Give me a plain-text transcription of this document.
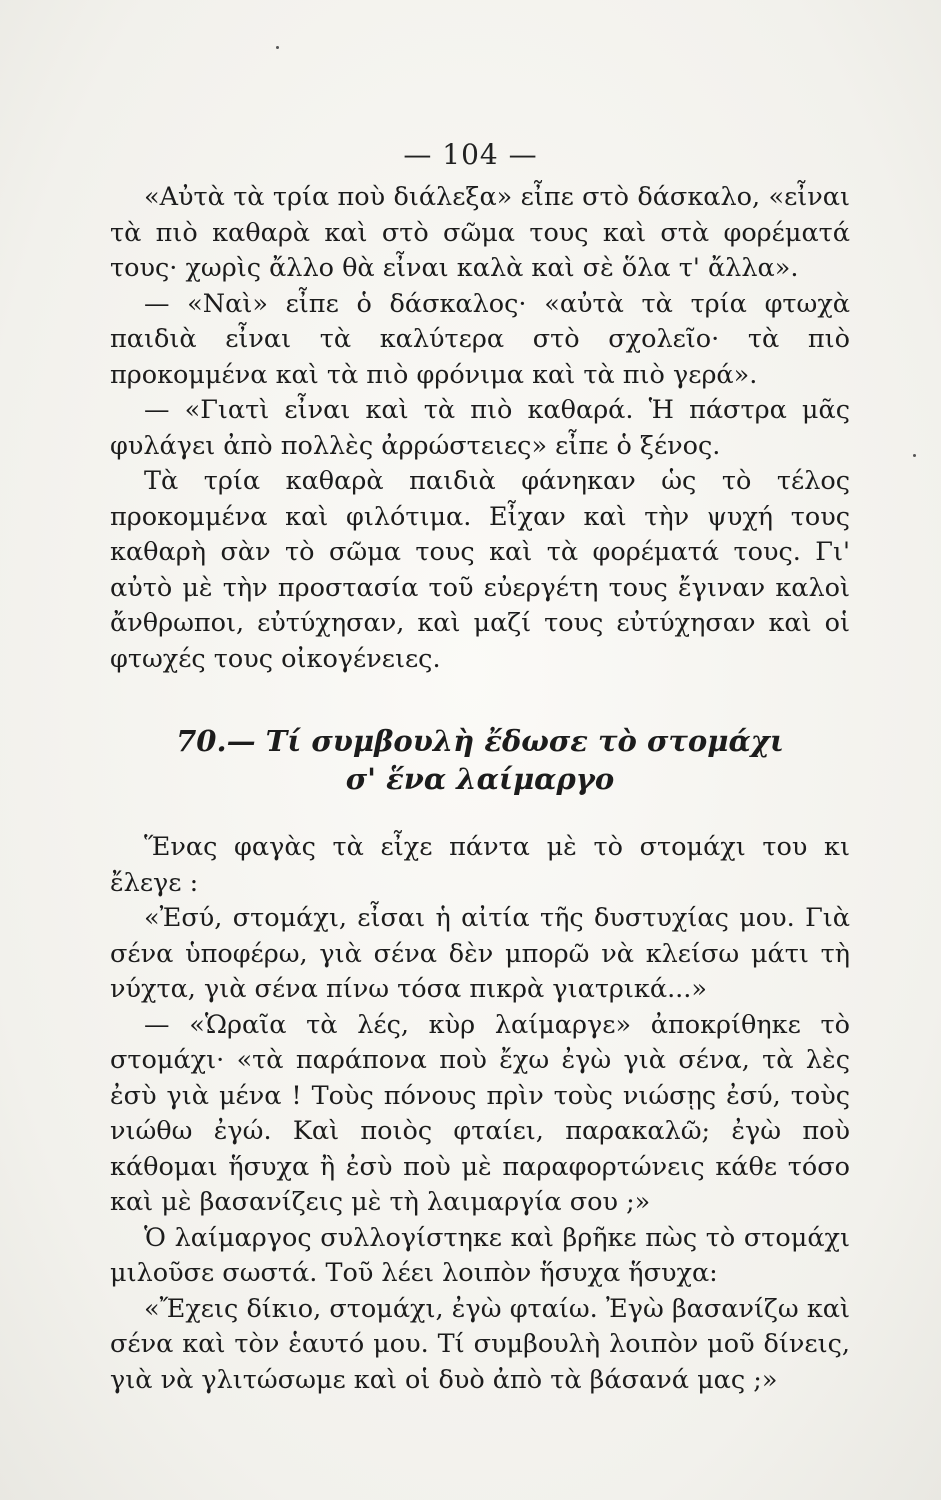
— 104 —

«Αὐτὰ τὰ τρία ποὺ διάλεξα» εἶπε στὸ δάσκαλο, «εἶναι τὰ πιὸ καθαρὰ καὶ στὸ σῶμα τους καὶ στὰ φορέματά τους· χωρὶς ἄλλο θὰ εἶναι καλὰ καὶ σὲ ὅλα τ' ἄλλα».

— «Ναὶ» εἶπε ὁ δάσκαλος· «αὐτὰ τὰ τρία φτωχὰ παιδιὰ εἶναι τὰ καλύτερα στὸ σχολεῖο· τὰ πιὸ προκομμένα καὶ τὰ πιὸ φρόνιμα καὶ τὰ πιὸ γερά».

— «Γιατὶ εἶναι καὶ τὰ πιὸ καθαρά. Ἡ πάστρα μᾶς φυλάγει ἀπὸ πολλὲς ἀρρώστειες» εἶπε ὁ ξένος.

Τὰ τρία καθαρὰ παιδιὰ φάνηκαν ὡς τὸ τέλος προκομμένα καὶ φιλότιμα. Εἶχαν καὶ τὴν ψυχή τους καθαρὴ σὰν τὸ σῶμα τους καὶ τὰ φορέματά τους. Γι' αὐτὸ μὲ τὴν προστασία τοῦ εὐεργέτη τους ἔγιναν καλοὶ ἄνθρωποι, εὐτύχησαν, καὶ μαζί τους εὐτύχησαν καὶ οἱ φτωχές τους οἰκογένειες.

70.— Τί συμβουλὴ ἔδωσε τὸ στομάχι
σ' ἕνα λαίμαργο

Ἕνας φαγὰς τὰ εἶχε πάντα μὲ τὸ στομάχι του κι ἔλεγε :

«Ἐσύ, στομάχι, εἶσαι ἡ αἰτία τῆς δυστυχίας μου. Γιὰ σένα ὑποφέρω, γιὰ σένα δὲν μπορῶ νὰ κλείσω μάτι τὴ νύχτα, γιὰ σένα πίνω τόσα πικρὰ γιατρικά...»

— «Ὡραῖα τὰ λές, κὺρ λαίμαργε» ἀποκρίθηκε τὸ στομάχι· «τὰ παράπονα ποὺ ἔχω ἐγὼ γιὰ σένα, τὰ λὲς ἐσὺ γιὰ μένα ! Τοὺς πόνους πρὶν τοὺς νιώσῃς ἐσύ, τοὺς νιώθω ἐγώ. Καὶ ποιὸς φταίει, παρακαλῶ; ἐγὼ ποὺ κάθομαι ἥσυχα ἢ ἐσὺ ποὺ μὲ παραφορτώνεις κάθε τόσο καὶ μὲ βασανίζεις μὲ τὴ λαιμαργία σου ;»

Ὁ λαίμαργος συλλογίστηκε καὶ βρῆκε πὼς τὸ στομάχι μιλοῦσε σωστά. Τοῦ λέει λοιπὸν ἥσυχα ἥσυχα:

«Ἔχεις δίκιο, στομάχι, ἐγὼ φταίω. Ἐγὼ βασανίζω καὶ σένα καὶ τὸν ἑαυτό μου. Τί συμβουλὴ λοιπὸν μοῦ δίνεις, γιὰ νὰ γλιτώσωμε καὶ οἱ δυὸ ἀπὸ τὰ βάσανά μας ;»
